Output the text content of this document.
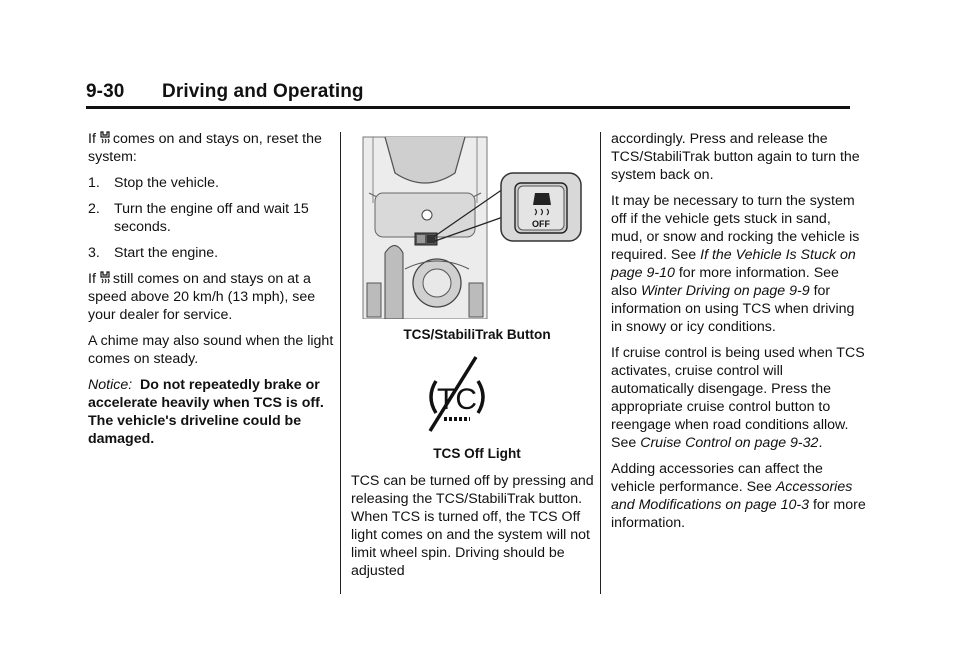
9-30 Driving and Operating

If comes on and stays on, reset the system:

1. Stop the vehicle.
2. Turn the engine off and wait 15 seconds.
3. Start the engine.

If still comes on and stays on at a speed above 20 km/h (13 mph), see your dealer for service.

A chime may also sound when the light comes on steady.

Notice: Do not repeatedly brake or accelerate heavily when TCS is off. The vehicle's driveline could be damaged.

OFF
TCS/StabiliTrak Button
TC
TCS Off Light
TCS can be turned off by pressing and releasing the TCS/StabiliTrak button. When TCS is turned off, the TCS Off light comes on and the system will not limit wheel spin. Driving should be adjusted

accordingly. Press and release the TCS/StabiliTrak button again to turn the system back on.

It may be necessary to turn the system off if the vehicle gets stuck in sand, mud, or snow and rocking the vehicle is required. See If the Vehicle Is Stuck on page 9-10 for more information. See also Winter Driving on page 9-9 for information on using TCS when driving in snowy or icy conditions.

If cruise control is being used when TCS activates, cruise control will automatically disengage. Press the appropriate cruise control button to reengage when road conditions allow. See Cruise Control on page 9-32.

Adding accessories can affect the vehicle performance. See Accessories and Modifications on page 10-3 for more information.
